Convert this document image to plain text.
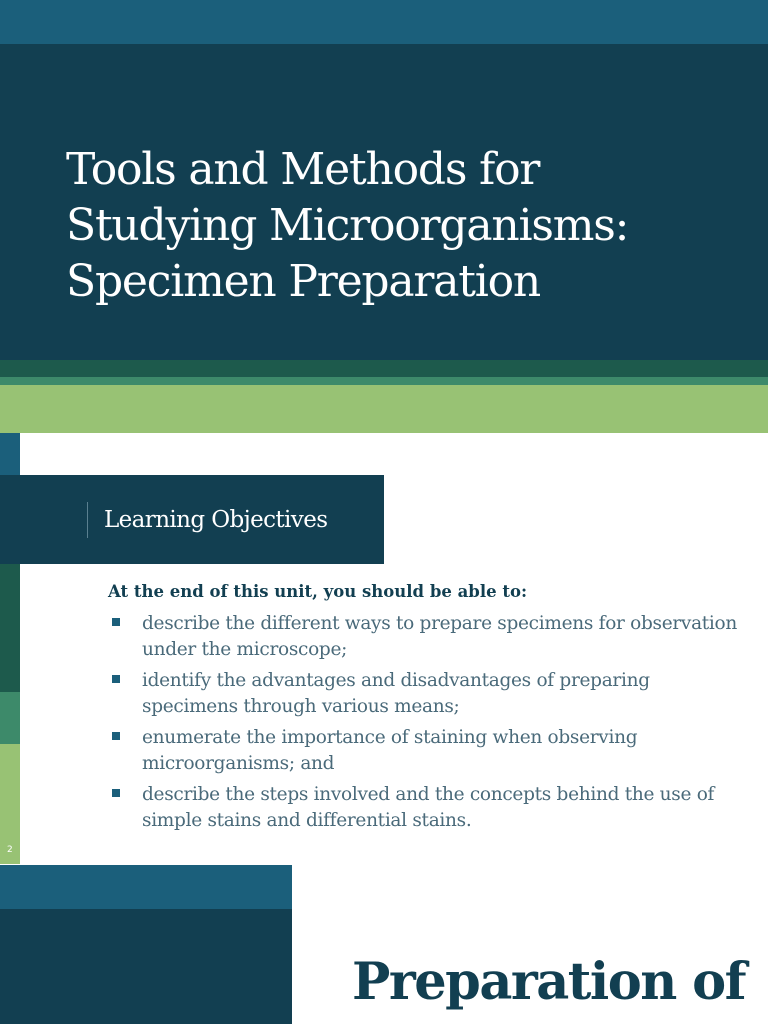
Tools and Methods for
Studying Microorganisms:
Specimen Preparation
2
Learning Objectives

At the end of this unit, you should be able to:

describe the different ways to prepare specimens for observation under the microscope;
identify the advantages and disadvantages of preparing specimens through various means;
enumerate the importance of staining when observing microorganisms; and
describe the steps involved and the concepts behind the use of simple stains and differential stains.
Preparation of
